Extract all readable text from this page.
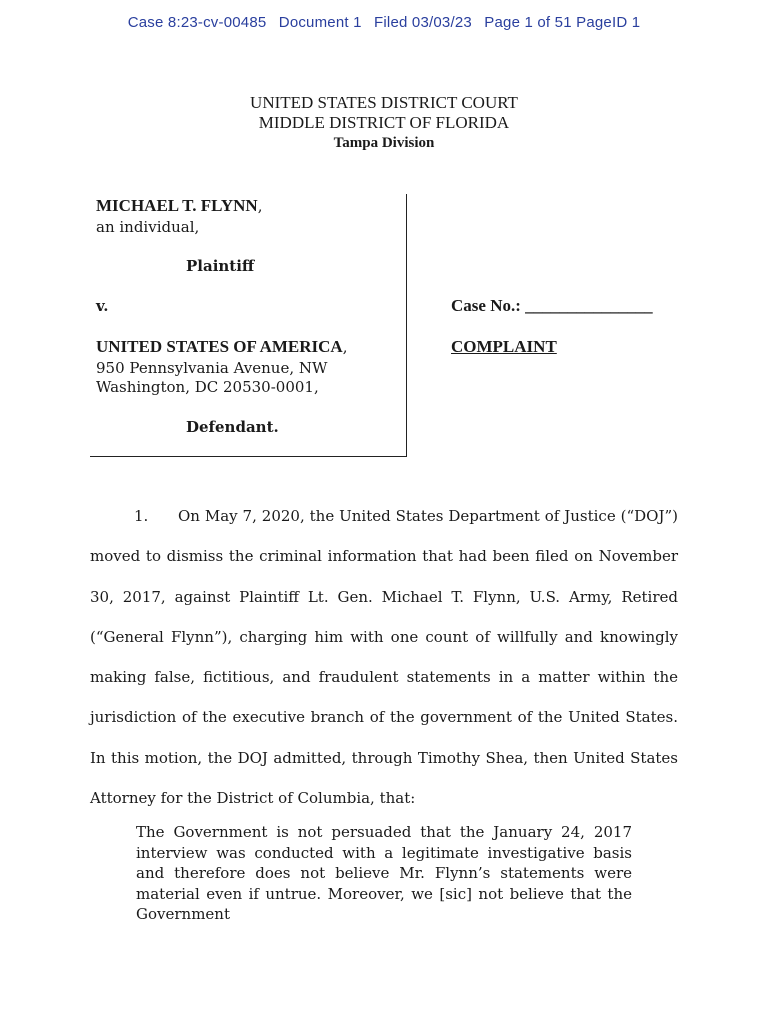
Case 8:23-cv-00485 Document 1 Filed 03/03/23 Page 1 of 51 PageID 1
UNITED STATES DISTRICT COURT
MIDDLE DISTRICT OF FLORIDA
Tampa Division
MICHAEL T. FLYNN,
an individual,
Plaintiff
v.
UNITED STATES OF AMERICA,
950 Pennsylvania Avenue, NW
Washington, DC 20530-0001,
Defendant.
Case No.: _______________
COMPLAINT
1. On May 7, 2020, the United States Department of Justice (“DOJ”) moved to dismiss the criminal information that had been filed on November 30, 2017, against Plaintiff Lt. Gen. Michael T. Flynn, U.S. Army, Retired (“General Flynn”), charging him with one count of willfully and knowingly making false, fictitious, and fraudulent statements in a matter within the jurisdiction of the executive branch of the government of the United States. In this motion, the DOJ admitted, through Timothy Shea, then United States Attorney for the District of Columbia, that:
The Government is not persuaded that the January 24, 2017 interview was conducted with a legitimate investigative basis and therefore does not believe Mr. Flynn’s statements were material even if untrue. Moreover, we [sic] not believe that the Government
